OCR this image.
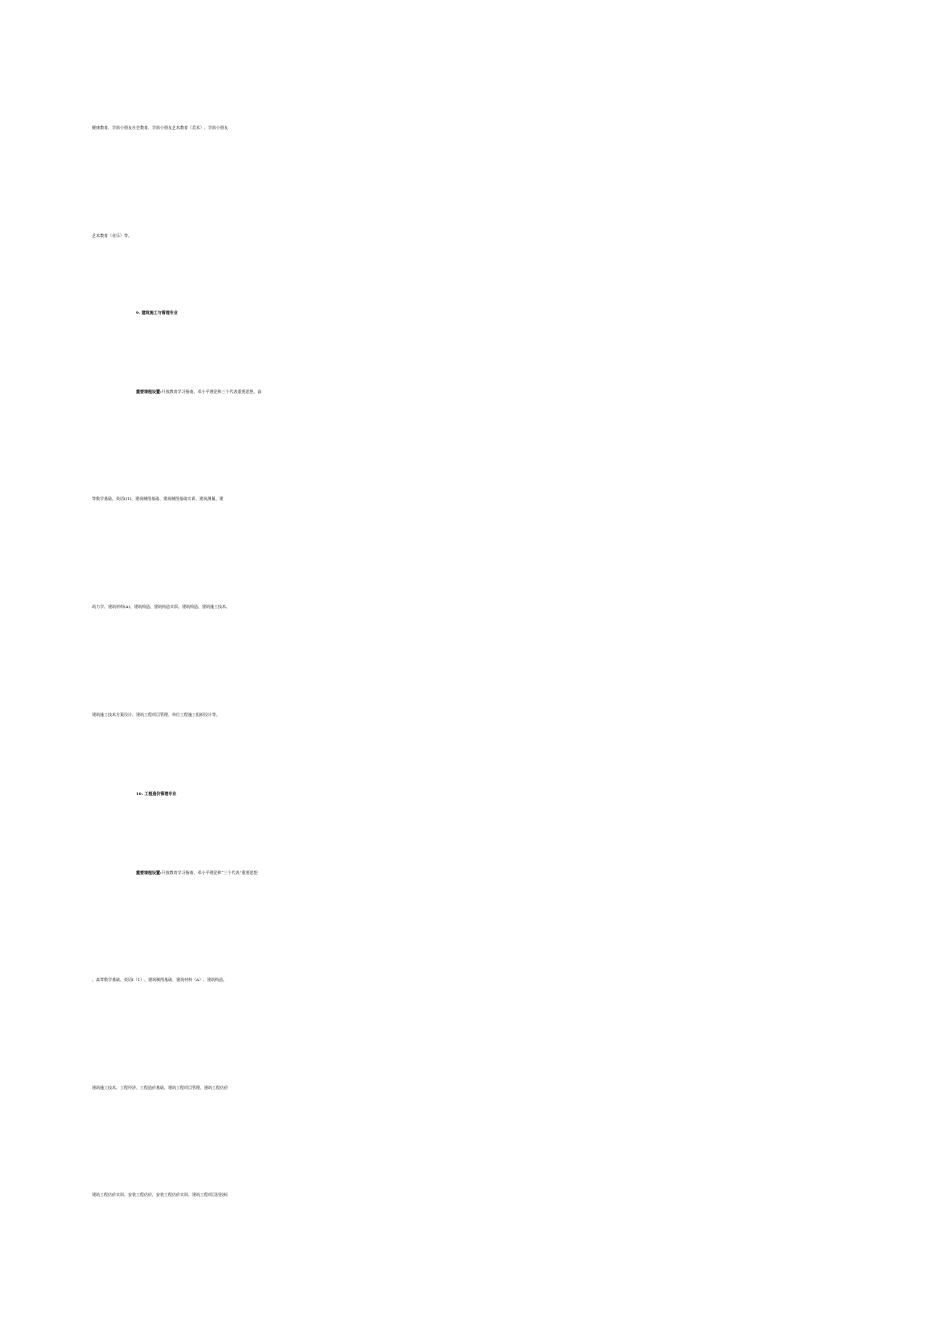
健康教育、学前小朋友社会教育、学前小朋友艺术教育（美术）、学前小朋友
艺术教育（音乐）等。
9. 建筑施工与管理专业
重要课程设置:开放教育学习指南、邓小平理论和三个代表重要思想、高
等数学基础、英语Ⅰ(1)、建筑制图基础、建筑制图基础实训、建筑测量、建
筑力学、建筑材料(A)、建筑构造、建筑构造实训、建筑构造、建筑施工技术、
建筑施工技术方案设计、建筑工程项目管理、单位工程施工组织设计等。
10. 工程造价管理专业
重要课程设置:开放教育学习指南、邓小平理论和“三个代表”重要思想
、高等数学基础、英语Ⅰ（1）、建筑制图基础、建筑材料（A）、建筑构造、
建筑施工技术、工程经济、工程造价基础、建筑工程项目管理、建筑工程估价
建筑工程估价实训、安装工程估价、安装工程估价实训、建筑工程项目招投标
